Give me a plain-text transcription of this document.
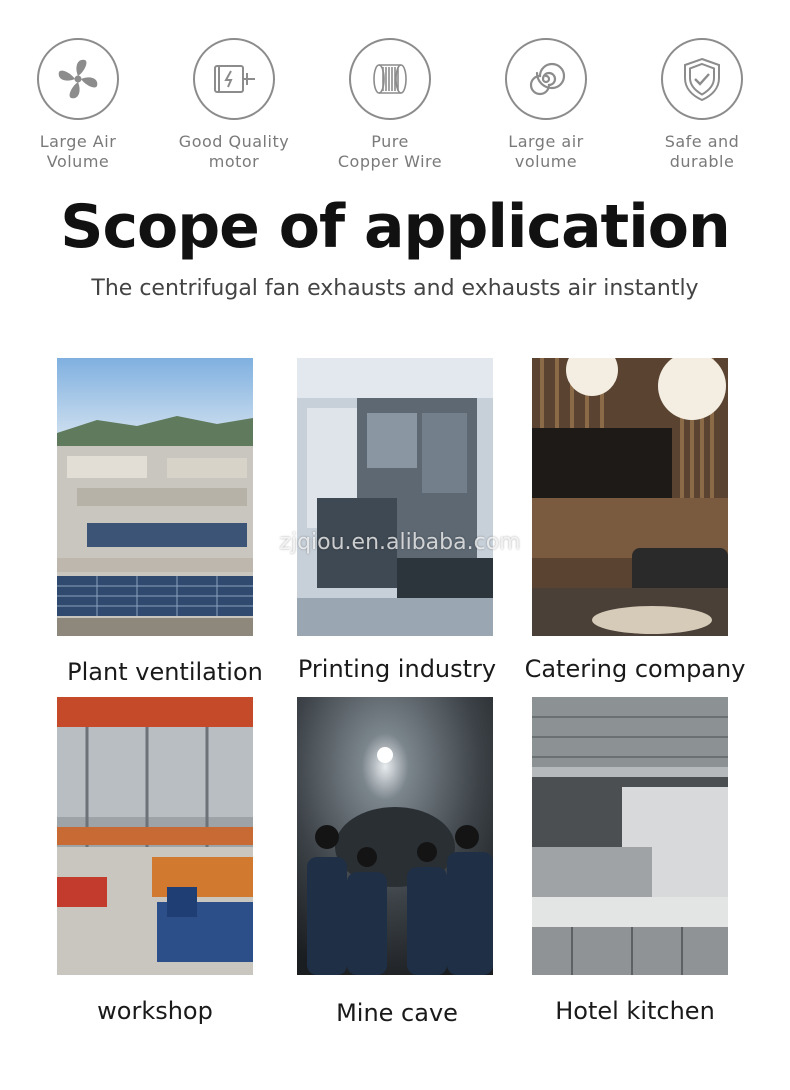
Large Air
Volume
Good Quality
motor
Pure
Copper Wire
Large air
volume
Safe and
durable
Scope of application
The centrifugal fan exhausts and exhausts air instantly
zjqiou.en.alibaba.com
Plant ventilation	Printing industry	Catering company
workshop	Mine cave	Hotel kitchen
